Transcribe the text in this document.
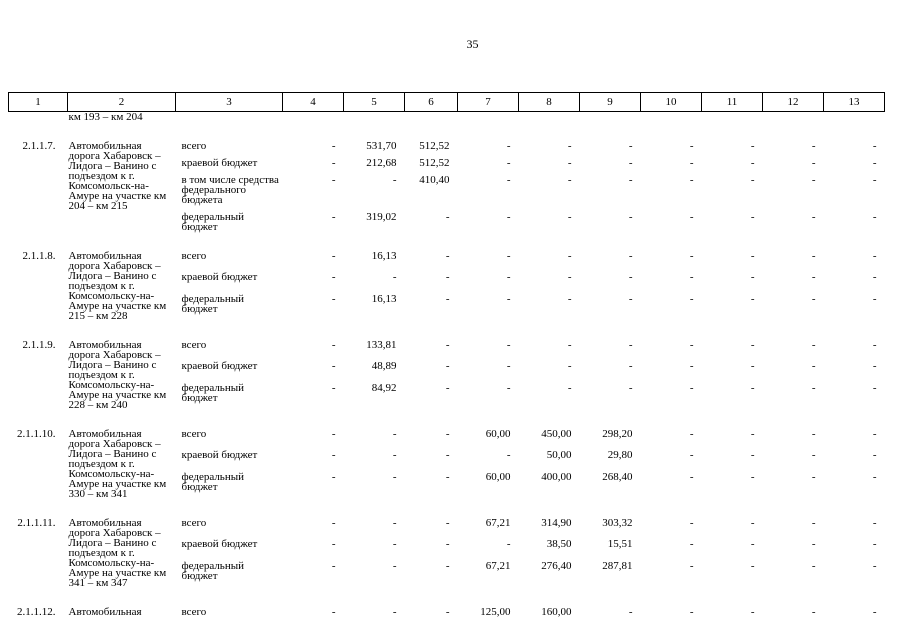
35
1	2	3	4	5	6	7	8	9	10	11	12	13
	км 193 – км 204											

2.1.1.7.	Автомобильная дорога Хабаровск – Лидога – Ванино с подъездом к г. Комсомольск-на-Амуре на участке км 204 – км 215	всего	-	531,70	512,52	-	-	-	-	-	-	-
		краевой бюджет	-	212,68	512,52	-	-	-	-	-	-	-
		в том числе средства федерального бюджета	-	-	410,40	-	-	-	-	-	-	-
		федеральный бюджет	-	319,02	-	-	-	-	-	-	-	-

2.1.1.8.	Автомобильная дорога Хабаровск – Лидога – Ванино с подъездом к г. Комсомольску-на-Амуре на участке км 215 – км 228	всего	-	16,13	-	-	-	-	-	-	-	-
		краевой бюджет	-	-	-	-	-	-	-	-	-	-
		федеральный бюджет	-	16,13	-	-	-	-	-	-	-	-

2.1.1.9.	Автомобильная дорога Хабаровск – Лидога – Ванино с подъездом к г. Комсомольску-на-Амуре на участке км 228 – км 240	всего	-	133,81	-	-	-	-	-	-	-	-
		краевой бюджет	-	48,89	-	-	-	-	-	-	-	-
		федеральный бюджет	-	84,92	-	-	-	-	-	-	-	-

2.1.1.10.	Автомобильная дорога Хабаровск – Лидога – Ванино с подъездом к г. Комсомольску-на-Амуре на участке км 330 – км 341	всего	-	-	-	60,00	450,00	298,20	-	-	-	-
		краевой бюджет	-	-	-	-	50,00	29,80	-	-	-	-
		федеральный бюджет	-	-	-	60,00	400,00	268,40	-	-	-	-

2.1.1.11.	Автомобильная дорога Хабаровск – Лидога – Ванино с подъездом к г. Комсомольску-на-Амуре на участке км 341 – км 347	всего	-	-	-	67,21	314,90	303,32	-	-	-	-
		краевой бюджет	-	-	-	-	38,50	15,51	-	-	-	-
		федеральный бюджет	-	-	-	67,21	276,40	287,81	-	-	-	-

2.1.1.12.	Автомобильная	всего	-	-	-	125,00	160,00	-	-	-	-	-
